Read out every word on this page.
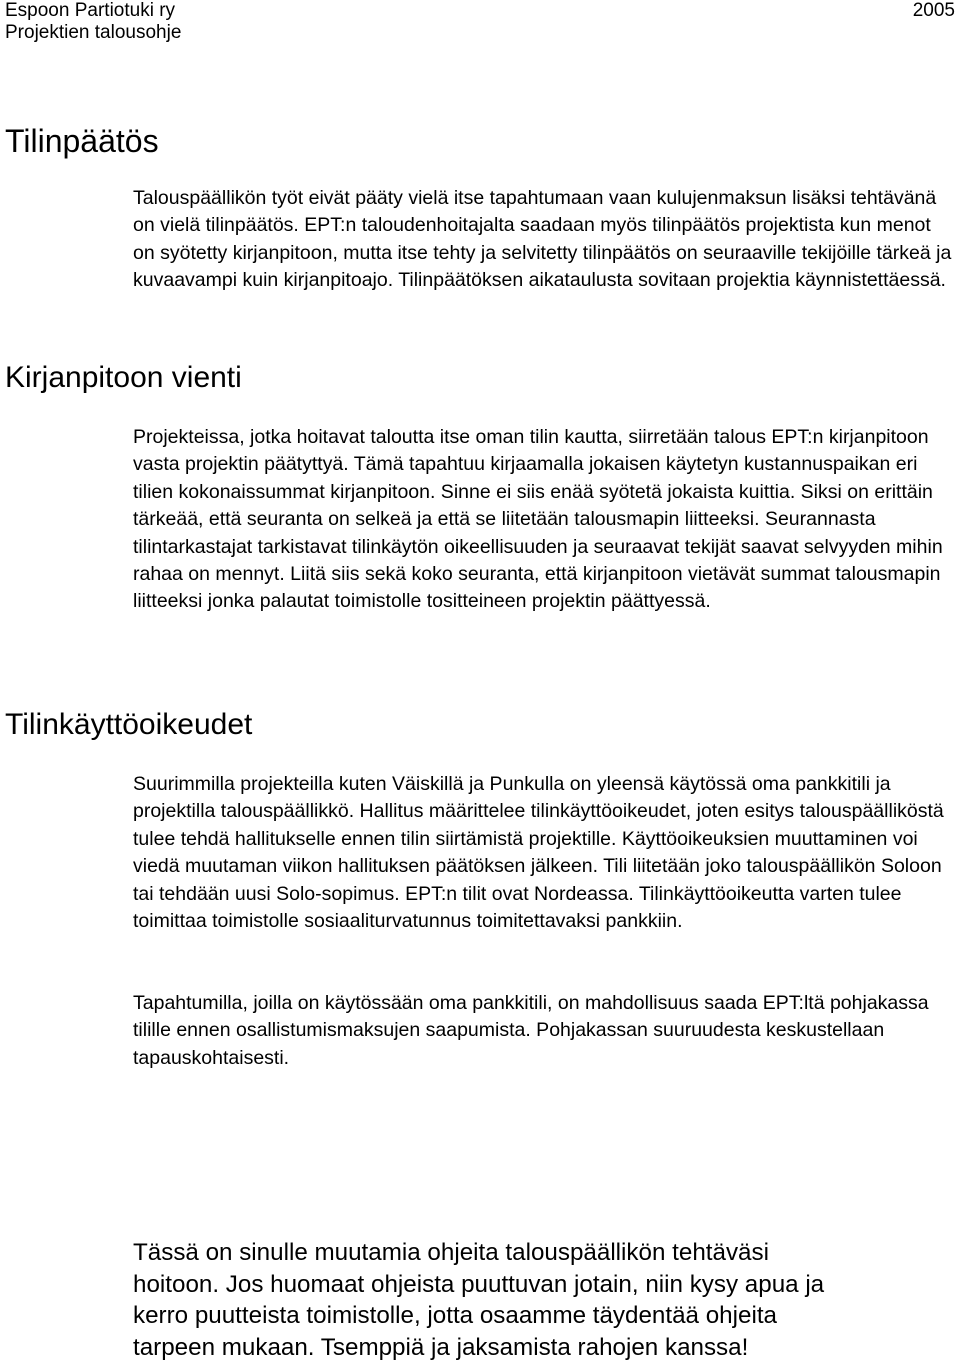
Espoon Partiotuki ry	2005
Projektien talousohje
Tilinpäätös

Talouspäällikön työt eivät pääty vielä itse tapahtumaan vaan kulujenmaksun lisäksi tehtävänä on vielä tilinpäätös. EPT:n taloudenhoitajalta saadaan myös tilinpäätös projektista kun menot on syötetty kirjanpitoon, mutta itse tehty ja selvitetty tilinpäätös on seuraaville tekijöille tärkeä ja kuvaavampi kuin kirjanpitoajo. Tilinpäätöksen aikataulusta sovitaan projektia käynnistettäessä.

Kirjanpitoon vienti

Projekteissa, jotka hoitavat taloutta itse oman tilin kautta, siirretään talous EPT:n kirjanpitoon vasta projektin päätyttyä. Tämä tapahtuu kirjaamalla jokaisen käytetyn kustannuspaikan eri tilien kokonaissummat kirjanpitoon. Sinne ei siis enää syötetä jokaista kuittia. Siksi on erittäin tärkeää, että seuranta on selkeä ja että se liitetään talousmapin liitteeksi. Seurannasta tilintarkastajat tarkistavat tilinkäytön oikeellisuuden ja seuraavat tekijät saavat selvyyden mihin rahaa on mennyt. Liitä siis sekä koko seuranta, että kirjanpitoon vietävät summat talousmapin liitteeksi jonka palautat toimistolle tositteineen projektin päättyessä.

Tilinkäyttöoikeudet

Suurimmilla projekteilla kuten Väiskillä ja Punkulla on yleensä käytössä oma pankkitili ja projektilla talouspäällikkö. Hallitus määrittelee tilinkäyttöoikeudet, joten esitys talouspäälliköstä tulee tehdä hallitukselle ennen tilin siirtämistä projektille. Käyttöoikeuksien muuttaminen voi viedä muutaman viikon hallituksen päätöksen jälkeen. Tili liitetään joko talouspäällikön Soloon tai tehdään uusi Solo-sopimus. EPT:n tilit ovat Nordeassa. Tilinkäyttöoikeutta varten tulee toimittaa toimistolle sosiaaliturvatunnus toimitettavaksi pankkiin.

Tapahtumilla, joilla on käytössään oma pankkitili, on mahdollisuus saada EPT:ltä pohjakassa tilille ennen osallistumismaksujen saapumista. Pohjakassan suuruudesta keskustellaan tapauskohtaisesti.

Tässä on sinulle muutamia ohjeita talouspäällikön tehtäväsi
hoitoon. Jos huomaat ohjeista puuttuvan jotain, niin kysy apua ja
kerro puutteista toimistolle, jotta osaamme täydentää ohjeita
tarpeen mukaan. Tsemppiä ja jaksamista rahojen kanssa!
